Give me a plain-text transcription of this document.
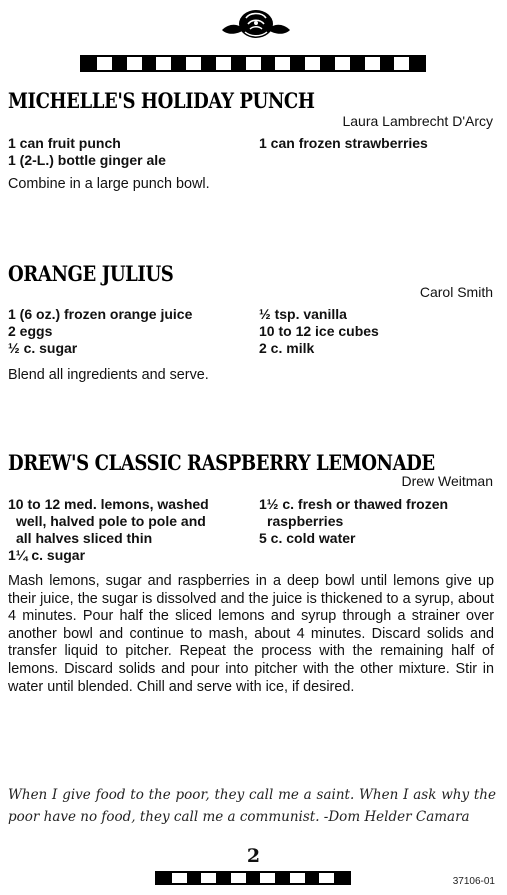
MICHELLE'S HOLIDAY PUNCH
Laura Lambrecht D'Arcy
1 can fruit punch
1 (2-L.) bottle ginger ale
1 can frozen strawberries

Combine in a large punch bowl.

ORANGE JULIUS
Carol Smith
1 (6 oz.) frozen orange juice
2 eggs
½ c. sugar
½ tsp. vanilla
10 to 12 ice cubes
2 c. milk

Blend all ingredients and serve.

DREW'S CLASSIC RASPBERRY LEMONADE
Drew Weitman
10 to 12 med. lemons, washed
well, halved pole to pole and
all halves sliced thin
1¼ c. sugar
1½ c. fresh or thawed frozen
raspberries
5 c. cold water

Mash lemons, sugar and raspberries in a deep bowl until lemons give up their juice, the sugar is dissolved and the juice is thickened to a syrup, about 4 minutes. Pour half the sliced lemons and syrup through a strainer over another bowl and continue to mash, about 4 minutes. Discard solids and transfer liquid to pitcher. Repeat the process with the remaining half of lemons. Discard solids and pour into pitcher with the other mixture. Stir in water until blended. Chill and serve with ice, if desired.

When I give food to the poor, they call me a saint. When I ask why the poor have no food, they call me a communist. -Dom Helder Camara

2
37106-01
